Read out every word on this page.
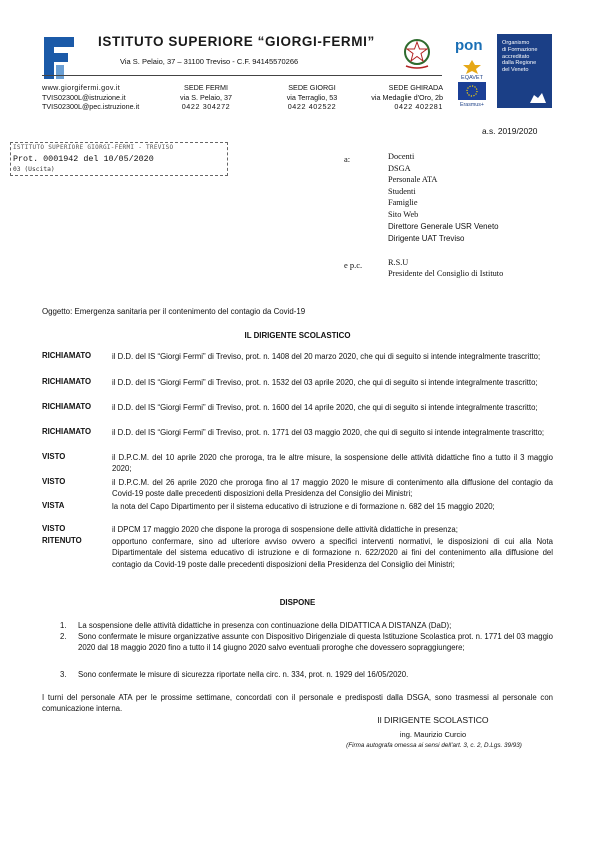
ISTITUTO SUPERIORE “GIORGI-FERMI”
Via S. Pelaio, 37 – 31100 Treviso - C.F. 94145570266
www.giorgifermi.gov.it
TVIS02300L@istruzione.it
TVIS02300L@pec.istruzione.it
SEDE FERMI
via S. Pelaio, 37
0422 304272
SEDE GIORGI
via Terraglio, 53
0422 402522
SEDE GHIRADA
via Medaglie d'Oro, 2b
0422 402281
pon
EQAVET
Erasmus+
Organismo
di Formazione
accreditato
dalla Regione
del Veneto
a.s. 2019/2020
ISTITUTO SUPERIORE GIORGI-FERMI - TREVISO
Prot. 0001942 del 10/05/2020
03 (Uscita)
a:	Docenti
DSGA
Personale ATA
Studenti
Famiglie
Sito Web
Direttore Generale USR Veneto
Dirigente UAT Treviso
e p.c.	R.S.U
Presidente del Consiglio di Istituto
Oggetto: Emergenza sanitaria per il contenimento del contagio da Covid-19
IL DIRIGENTE SCOLASTICO
RICHIAMATO	il D.D. del IS “Giorgi Fermi” di Treviso, prot. n. 1408 del 20 marzo 2020, che qui di seguito si intende integralmente trascritto;
RICHIAMATO	il D.D. del IS “Giorgi Fermi” di Treviso, prot. n. 1532 del 03 aprile 2020, che qui di seguito si intende integralmente trascritto;
RICHIAMATO	il D.D. del IS “Giorgi Fermi” di Treviso, prot. n. 1600 del 14 aprile 2020, che qui di seguito si intende integralmente trascritto;
RICHIAMATO	il D.D. del IS “Giorgi Fermi” di Treviso, prot. n. 1771 del 03 maggio 2020, che qui di seguito si intende integralmente trascritto;
VISTO	il D.P.C.M. del 10 aprile 2020 che proroga, tra le altre misure, la sospensione delle attività didattiche fino a tutto il 3 maggio 2020;
VISTO	il D.P.C.M. del 26 aprile 2020 che proroga fino al 17 maggio 2020 le misure di contenimento alla diffusione del contagio da Covid-19 poste dalle precedenti disposizioni della Presidenza del Consiglio dei Ministri;
VISTA	la nota del Capo Dipartimento per il sistema educativo di istruzione e di formazione n. 682 del 15 maggio 2020;
VISTO	il DPCM 17 maggio 2020 che dispone la proroga di sospensione delle attività didattiche in presenza;
RITENUTO	opportuno confermare, sino ad ulteriore avviso ovvero a specifici interventi normativi, le disposizioni di cui alla Nota Dipartimentale del sistema educativo di istruzione e di formazione n. 622/2020 ai fini del contenimento alla diffusione del contagio da Covid-19 poste dalle precedenti disposizioni della Presidenza del Consiglio dei Ministri;
DISPONE
1. La sospensione delle attività didattiche in presenza con continuazione della DIDATTICA A DISTANZA (DaD);
2. Sono confermate le misure organizzative assunte con Dispositivo Dirigenziale di questa Istituzione Scolastica prot. n. 1771 del 03 maggio 2020 dal 18 maggio 2020 fino a tutto il 14 giugno 2020 salvo eventuali proroghe che dovessero sopraggiungere;
3. Sono confermate le misure di sicurezza riportate nella circ. n. 334, prot. n. 1929 del 16/05/2020.
I turni del personale ATA per le prossime settimane, concordati con il personale e predisposti dalla DSGA, sono trasmessi al personale con comunicazione interna.
Il DIRIGENTE SCOLASTICO
ing. Maurizio Curcio
(Firma autografa omessa ai sensi dell’art. 3, c. 2, D.Lgs. 39/93)
